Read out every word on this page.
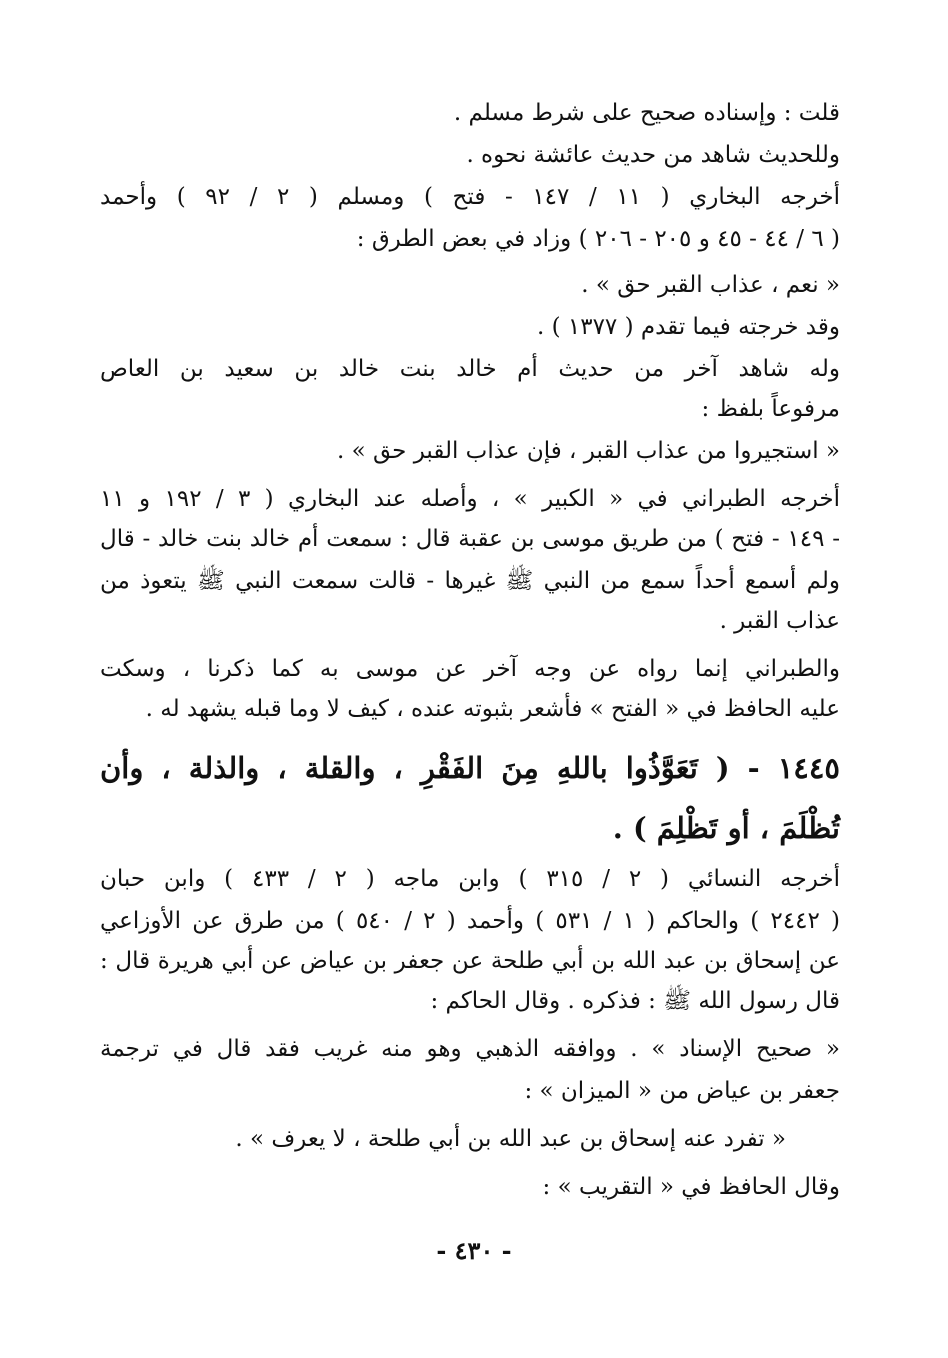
قلت : وإسناده صحيح على شرط مسلم .
وللحديث شاهد من حديث عائشة نحوه .
أخرجه البخاري ( ١١ / ١٤٧ - فتح ) ومسلم ( ٢ / ٩٢ ) وأحمد
( ٦ / ٤٤ - ٤٥ و ٢٠٥ - ٢٠٦ ) وزاد في بعض الطرق :
« نعم ، عذاب القبر حق » .
وقد خرجته فيما تقدم ( ١٣٧٧ ) .
وله شاهد آخر من حديث أم خالد بنت خالد بن سعيد بن العاص
مرفوعاً بلفظ :
« استجيروا من عذاب القبر ، فإن عذاب القبر حق » .
أخرجه الطبراني في « الكبير » ، وأصله عند البخاري ( ٣ / ١٩٢ و ١١
- ١٤٩ - فتح ) من طريق موسى بن عقبة قال : سمعت أم خالد بنت خالد - قال
ولم أسمع أحداً سمع من النبي ﷺ غيرها - قالت سمعت النبي ﷺ يتعوذ من
عذاب القبر .
والطبراني إنما رواه عن وجه آخر عن موسى به كما ذكرنا ، وسكت
عليه الحافظ في « الفتح » فأشعر بثبوته عنده ، كيف لا وما قبله يشهد له .
١٤٤٥ - ( تَعَوَّذُوا باللهِ مِنَ الفَقْرِ ، والقلة ، والذلة ، وأن
تُظْلَمَ ، أو تَظْلِمَ ) .
أخرجه النسائي ( ٢ / ٣١٥ ) وابن ماجه ( ٢ / ٤٣٣ ) وابن حبان
( ٢٤٤٢ ) والحاكم ( ١ / ٥٣١ ) وأحمد ( ٢ / ٥٤٠ ) من طرق عن الأوزاعي
عن إسحاق بن عبد الله بن أبي طلحة عن جعفر بن عياض عن أبي هريرة قال :
قال رسول الله ﷺ : فذكره . وقال الحاكم :
« صحيح الإسناد » . ووافقه الذهبي وهو منه غريب فقد قال في ترجمة
جعفر بن عياض من « الميزان » :
« تفرد عنه إسحاق بن عبد الله بن أبي طلحة ، لا يعرف » .
وقال الحافظ في « التقريب » :
- ٤٣٠ -
